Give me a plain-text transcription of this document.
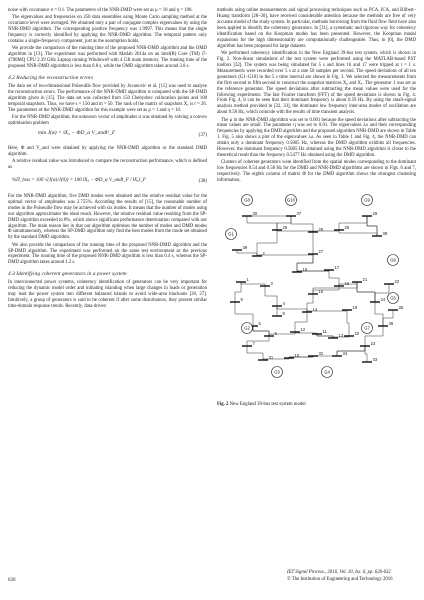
noise with covariance σ = 0.1. The parameters of the NNR-DMD were set as μ = 10 and η = 100.

The eigenvalues and frequencies on 250 data ensembles using Monte Carlo sampling method at the covariance level were averaged. We obtained only a pair of conjugate complex eigenvalues by using the NNR-DMD algorithm. The corresponding positive frequency was 1.9997. This means that the single frequency is correctly identified by applying the NNR-DMD algorithm. The temporal pattern only contains a single-frequency component, just as the assumption holds.

We provide the comparison of the running time of the proposed NNR-DMD algorithm and the OMD algorithm in [13]. The experiment was performed with Matlab 2014a on an Intel(R) Core (TM) i7-4700MQ CPU 2.39 GHz Laptop running Windows8 with 4 GB main memory. The running time of the proposed NNR-DMD algorithm is less than 0.8 s, while the OMD algorithm takes around 3.8 s.

4.2 Reducing the reconstruction errors

The data set of two-dimensional Poiseuille flow provided by Jovanovic et al. [15] was used to analyse the reconstruction errors. The performance of the NNR-DMD algorithm is compared with the SP-DMD algorithm given in [15]. The data set was collected from 150 Chebyshev collocation points and 100 temporal snapshots. Thus, we have s = 150 and m = 50. The rank of the matrix of snapshots X₁ is r = 26. The parameters of the NNR-DMD algorithm for this example were set as μ = 1 and η = 10.

For the NNR-DMD algorithm, the unknown vector of amplitudes α was obtained by solving a convex optimisation problem

min J(α) = ‖X₀ − ΦD_α V_and‖²_F	(37)

Here, Φ and V_and were obtained by applying the NNR-DMD algorithm or the standard DMD algorithm.

A relative residual value was introduced to compare the reconstruction performance, which is defined as

%Π_loss = 100 √(J(α)/J(0)) = 100 ‖X₀ − ΦD_α V_and‖_F / ‖X₀‖_F	(38)

For the NNR-DMD algorithm, five DMD modes were obtained and the relative residual value for the optimal vector of amplitudes was 2.755%. According the results of [15], the reasonable number of modes in the Poiseuille flow may be achieved with six modes. It means that the number of modes using our algorithm approximates the ideal result. However, the relative residual value resulting from the SP-DMD algorithm exceeded to 8%, which shows significant performance deterioration compared with our algorithm. The main reason lies in that our algorithm optimises the number of modes and DMD modes Φ simultaneously, whereas the SP-DMD algorithm only find the best modes from the mode set obtained by the standard DMD algorithm.

We also provide the comparison of the running time of the proposed NNR-DMD algorithm and the SP-DMD algorithm. The experiment was performed on the same test environment as the previous experiment. The running time of the proposed NNR-DMD algorithm is less than 0.4 s, whereas the SP-DMD algorithm takes around 1.2 s.

4.3 Identifying coherent generators in a power system

In interconnected power systems, coherency identification of generators can be very important for reducing the dynamic model order and initiating islanding when large changes in loads or generation may lead the power system into different balanced islands to avoid wide-area blackouts [26, 27]. Intuitively, a group of generators is said to be coherent if after some disturbances, they present similar time-domain response trends. Recently, data-driven

methods using online measurements and signal processing techniques such as PCA, ICA, and Hilbert–Huang transform [28–30], have received considerable attention because the methods are free of very accurate model of the study system. In particular, methods borrowing from the fluid flow field have also been applied to identify the coherency generators. In [31], a systematic and rigorous way for coherency identification based on the Koopman modes has been presented. However, the Koopman modal expansions for the high dimensionality are computationally challengeable. Thus, in [6], the DMD algorithm has been proposed for large datasets.

We performed coherency identification in the New England 39-bus test system, which is shown in Fig. 2. Non-linear simulations of the test system were performed using the MATLAB-based PST toolbox [32]. The system was being simulated for 5 s and lines 16 and 17 were tripped at t = 1 s. Measurements were recorded over 5 s at a rate 50 samples per second. The speed deviations of all ten generators (G1–G10) in the 5 s time interval are shown in Fig. 3. We selected the measurements from the first second to fifth second to construct the snapshot matrices X₀ and X₁. The generator 1 was set as the reference generator. The speed deviations after subtracting the mean values were used for the following experiments. The fast Fourier transform (FFT) of the speed deviations is shown in Fig. 4. From Fig. 4, it can be seen that their dominant frequency is about 0.59 Hz. By using the small-signal analysis method provided in [32, 33], the dominant low frequency inter-area modes of oscillation are about 0.58 Hz, which coincide with the results of time transient analysis.

The μ in the NNR-DMD algorithm was set to 0.001 because the speed deviations after subtracting the mean values are small. The parameter η was set to 0.01. The eigenvalues λᵢs and their corresponding frequencies by applying the DMD algorithm and the proposed algorithm NNR-DMD are shown in Table 1. Fig. 5 also shows a plot of the eigenvalues λᵢs. As seen in Table 1 and Fig. 4, the NNR-DMD can obtain only a dominant frequency 0.5805 Hz, whereas the DMD algorithm exhibits all frequencies. However, the dominant frequency 0.5805 Hz obtained using the NNR-DMD algorithm is closer to the theoretical result than the frequency 0.5477 Hz obtained using the DMD algorithm.

Clusters of coherent generators were identified from the spatial modes corresponding to the dominant low frequencies 0.54 and 0.58 Hz for the DMD and NNR-DMD algorithms are shown in Figs. 6 and 7, respectively. The eighth column of matrix Φ for the DMD algorithm shows the strongest clustering information,

30	37
25	26	28
29
38
2	27
18	17
1
3	16
15
21
24
22
39
4
14	19
9
5
6
12	11
13	20
7
31	10	32	34
23
36
35
33
8
G8	G10	G9
G1
G6
G2
G3	G4
G7
G5
Fig. 2 New England 39-bus test system model
630
IET Signal Process., 2016, Vol. 10, Iss. 6, pp. 626-632
© The Institution of Engineering and Technology 2016
